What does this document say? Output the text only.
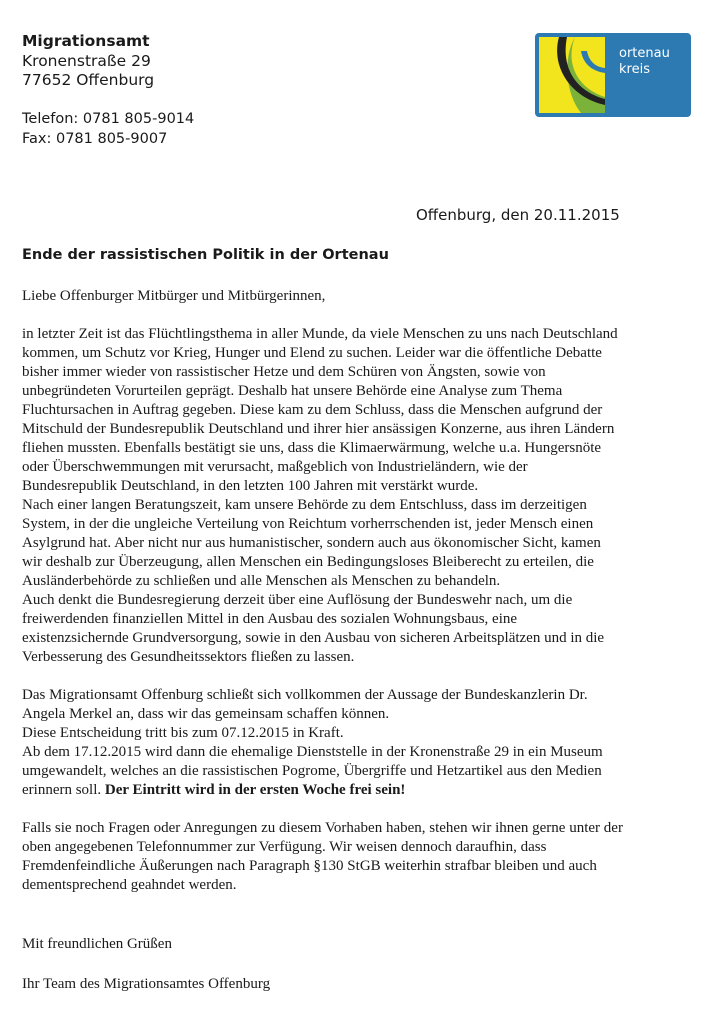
Migrationsamt
Kronenstraße 29
77652 Offenburg
Telefon: 0781 805-9014
Fax: 0781 805-9007
ortenau
kreis
Offenburg, den 20.11.2015
Ende der rassistischen Politik in der Ortenau

Liebe Offenburger Mitbürger und Mitbürgerinnen,

in letzter Zeit ist das Flüchtlingsthema in aller Munde, da viele Menschen zu uns nach Deutschland
kommen, um Schutz vor Krieg, Hunger und Elend zu suchen. Leider war die öffentliche Debatte
bisher immer wieder von rassistischer Hetze und dem Schüren von Ängsten, sowie von
unbegründeten Vorurteilen geprägt. Deshalb hat unsere Behörde eine Analyse zum Thema
Fluchtursachen in Auftrag gegeben. Diese kam zu dem Schluss, dass die Menschen aufgrund der
Mitschuld der Bundesrepublik Deutschland und ihrer hier ansässigen Konzerne, aus ihren Ländern
fliehen mussten. Ebenfalls bestätigt sie uns, dass die Klimaerwärmung, welche u.a. Hungersnöte
oder Überschwemmungen mit verursacht, maßgeblich von Industrieländern, wie der
Bundesrepublik Deutschland, in den letzten 100 Jahren mit verstärkt wurde.
Nach einer langen Beratungszeit, kam unsere Behörde zu dem Entschluss, dass im derzeitigen
System, in der die ungleiche Verteilung von Reichtum vorherrschenden ist, jeder Mensch einen
Asylgrund hat. Aber nicht nur aus humanistischer, sondern auch aus ökonomischer Sicht, kamen
wir deshalb zur Überzeugung, allen Menschen ein Bedingungsloses Bleiberecht zu erteilen, die
Ausländerbehörde zu schließen und alle Menschen als Menschen zu behandeln.
Auch denkt die Bundesregierung derzeit über eine Auflösung der Bundeswehr nach, um die
freiwerdenden finanziellen Mittel in den Ausbau des sozialen Wohnungsbaus, eine
existenzsichernde Grundversorgung, sowie in den Ausbau von sicheren Arbeitsplätzen und in die
Verbesserung des Gesundheitssektors fließen zu lassen.

Das Migrationsamt Offenburg schließt sich vollkommen der Aussage der Bundeskanzlerin Dr.
Angela Merkel an, dass wir das gemeinsam schaffen können.
Diese Entscheidung tritt bis zum 07.12.2015 in Kraft.
Ab dem 17.12.2015 wird dann die ehemalige Dienststelle in der Kronenstraße 29 in ein Museum
umgewandelt, welches an die rassistischen Pogrome, Übergriffe und Hetzartikel aus den Medien
erinnern soll. Der Eintritt wird in der ersten Woche frei sein!

Falls sie noch Fragen oder Anregungen zu diesem Vorhaben haben, stehen wir ihnen gerne unter der
oben angegebenen Telefonnummer zur Verfügung. Wir weisen dennoch daraufhin, dass
Fremdenfeindliche Äußerungen nach Paragraph §130 StGB weiterhin strafbar bleiben und auch
dementsprechend geahndet werden.

Mit freundlichen Grüßen
Ihr Team des Migrationsamtes Offenburg
